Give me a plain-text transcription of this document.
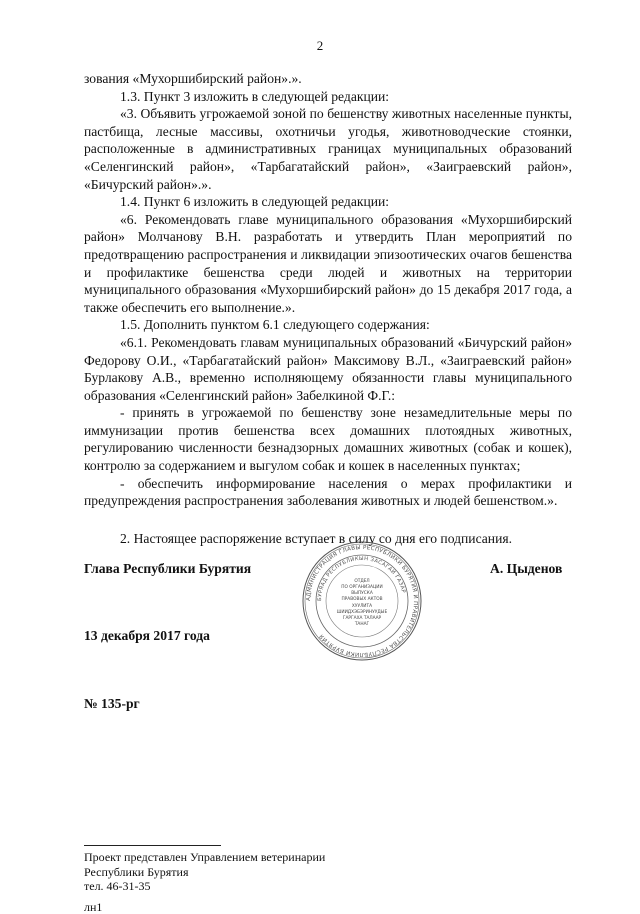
2

зования «Мухоршибирский район».».

1.3. Пункт 3 изложить в следующей редакции:

«3. Объявить угрожаемой зоной по бешенству животных населенные пункты, пастбища, лесные массивы, охотничьи угодья, животноводческие стоянки, расположенные в административных границах муниципальных образований «Селенгинский район», «Тарбагатайский район», «Заиграевский район», «Бичурский район».».

1.4. Пункт 6 изложить в следующей редакции:

«6. Рекомендовать главе муниципального образования «Мухоршибирский район» Молчанову В.Н. разработать и утвердить План мероприятий по предотвращению распространения и ликвидации эпизоотических очагов бешенства и профилактике бешенства среди людей и животных на территории муниципального образования «Мухоршибирский район» до 15 декабря 2017 года, а также обеспечить его выполнение.».

1.5. Дополнить пунктом 6.1 следующего содержания:

«6.1. Рекомендовать главам муниципальных образований «Бичурский район» Федорову О.И., «Тарбагатайский район» Максимову В.Л., «Заиграевский район» Бурлакову А.В., временно исполняющему обязанности главы муниципального образования «Селенгинский район» Забелкиной Ф.Г.:

- принять в угрожаемой по бешенству зоне незамедлительные меры по иммунизации против бешенства всех домашних плотоядных животных, регулированию численности безнадзорных домашних животных (собак и кошек), контролю за содержанием и выгулом собак и кошек в населенных пунктах;

- обеспечить информирование населения о мерах профилактики и предупреждения распространения заболевания животных и людей бешенством.».

2. Настоящее распоряжение вступает в силу со дня его подписания.

Глава Республики Бурятия	А. Цыденов
13 декабря 2017 года
№ 135-рг
АДМИНИСТРАЦИЯ ГЛАВЫ РЕСПУБЛИКИ БУРЯТИЯ И ПРАВИТЕЛЬСТВА РЕСПУБЛИКИ БУРЯТИЯ
БУРЯАД РЕСПУБЛИКЫН ЗАСАГАЙ ГАЗАР
ОТДЕЛ
ПО ОРГАНИЗАЦИИ
ВЫПУСКА
ПРАВОВЫХ АКТОВ
ХУУЛИТА
ШИИДХЭБЭРИНУУДЫЕ
ГАРГАХА ТАЛААР
ТАНАГ
Проект представлен Управлением ветеринарии
Республики Бурятия
тел. 46-31-35
лн1
